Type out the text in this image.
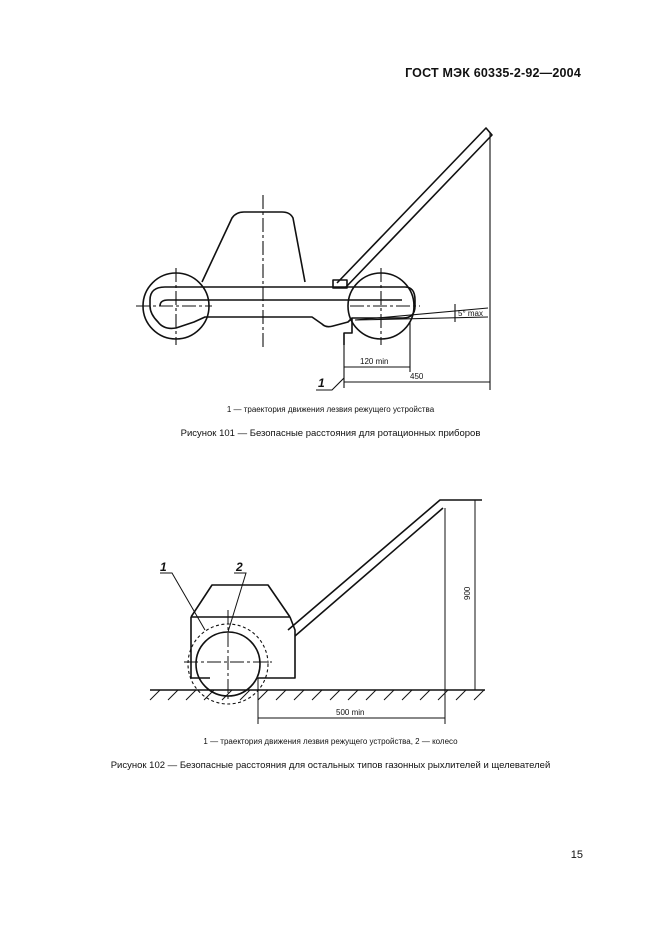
ГОСТ МЭК 60335-2-92—2004
1
5° max
120 min
450
1 — траектория движения лезвия режущего устройства
Рисунок 101 — Безопасные расстояния для ротационных приборов
1	2
900
500 min
1 — траектория движения лезвия режущего устройства, 2 — колесо
Рисунок 102 — Безопасные расстояния для остальных типов газонных рыхлителей и щелевателей
15
